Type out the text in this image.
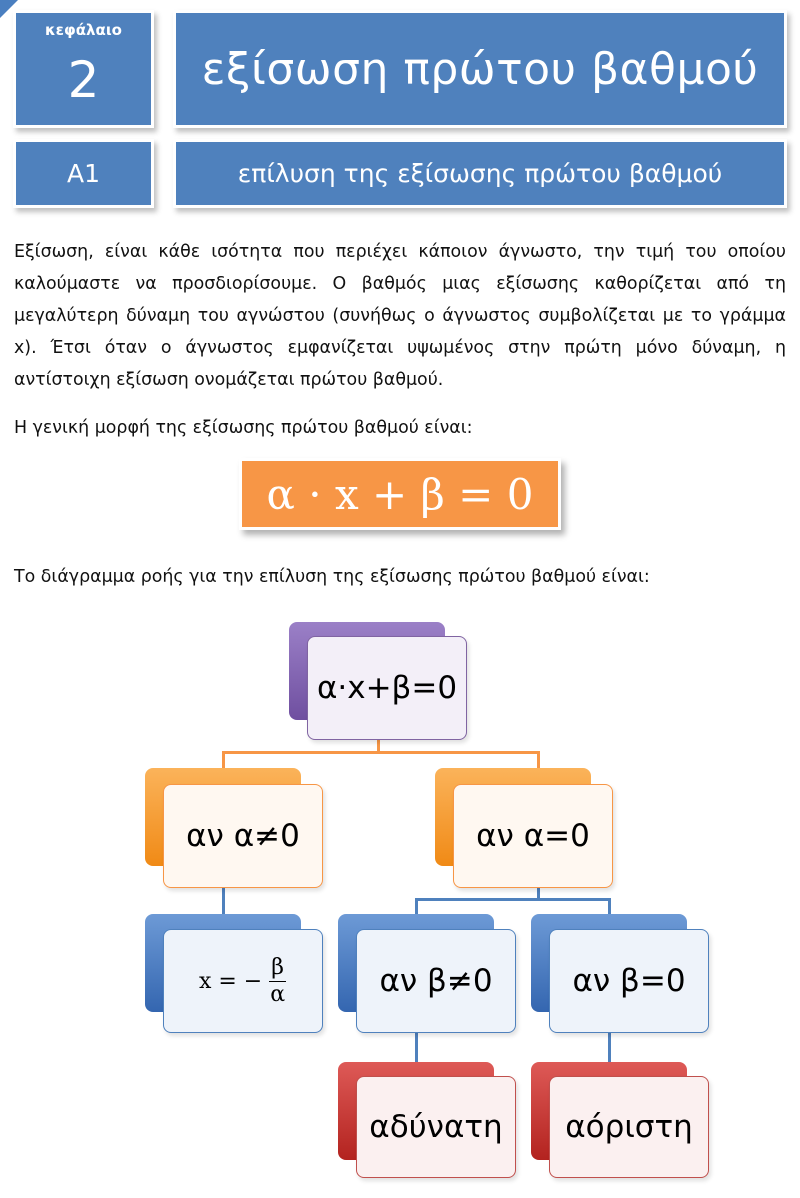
κεφάλαιο
2	εξίσωση πρώτου βαθμού
Α1	επίλυση της εξίσωσης πρώτου βαθμού

Εξίσωση, είναι κάθε ισότητα που περιέχει κάποιον άγνωστο, την τιμή του οποίου καλούμαστε να προσδιορίσουμε. Ο βαθμός μιας εξίσωσης καθορίζεται από τη μεγαλύτερη δύναμη του αγνώστου (συνήθως ο άγνωστος συμβολίζεται με το γράμμα x). Έτσι όταν ο άγνωστος εμφανίζεται υψωμένος στην πρώτη μόνο δύναμη, η αντίστοιχη εξίσωση ονομάζεται πρώτου βαθμού.

Η γενική μορφή της εξίσωσης πρώτου βαθμού είναι:

α · x + β = 0

Το διάγραμμα ροής για την επίλυση της εξίσωσης πρώτου βαθμού είναι:

α·x+β=0
αν α≠0	αν α=0
x = − $\frac{\beta}{\alpha}$	αν β≠0	αν β=0
αδύνατη αόριστη
